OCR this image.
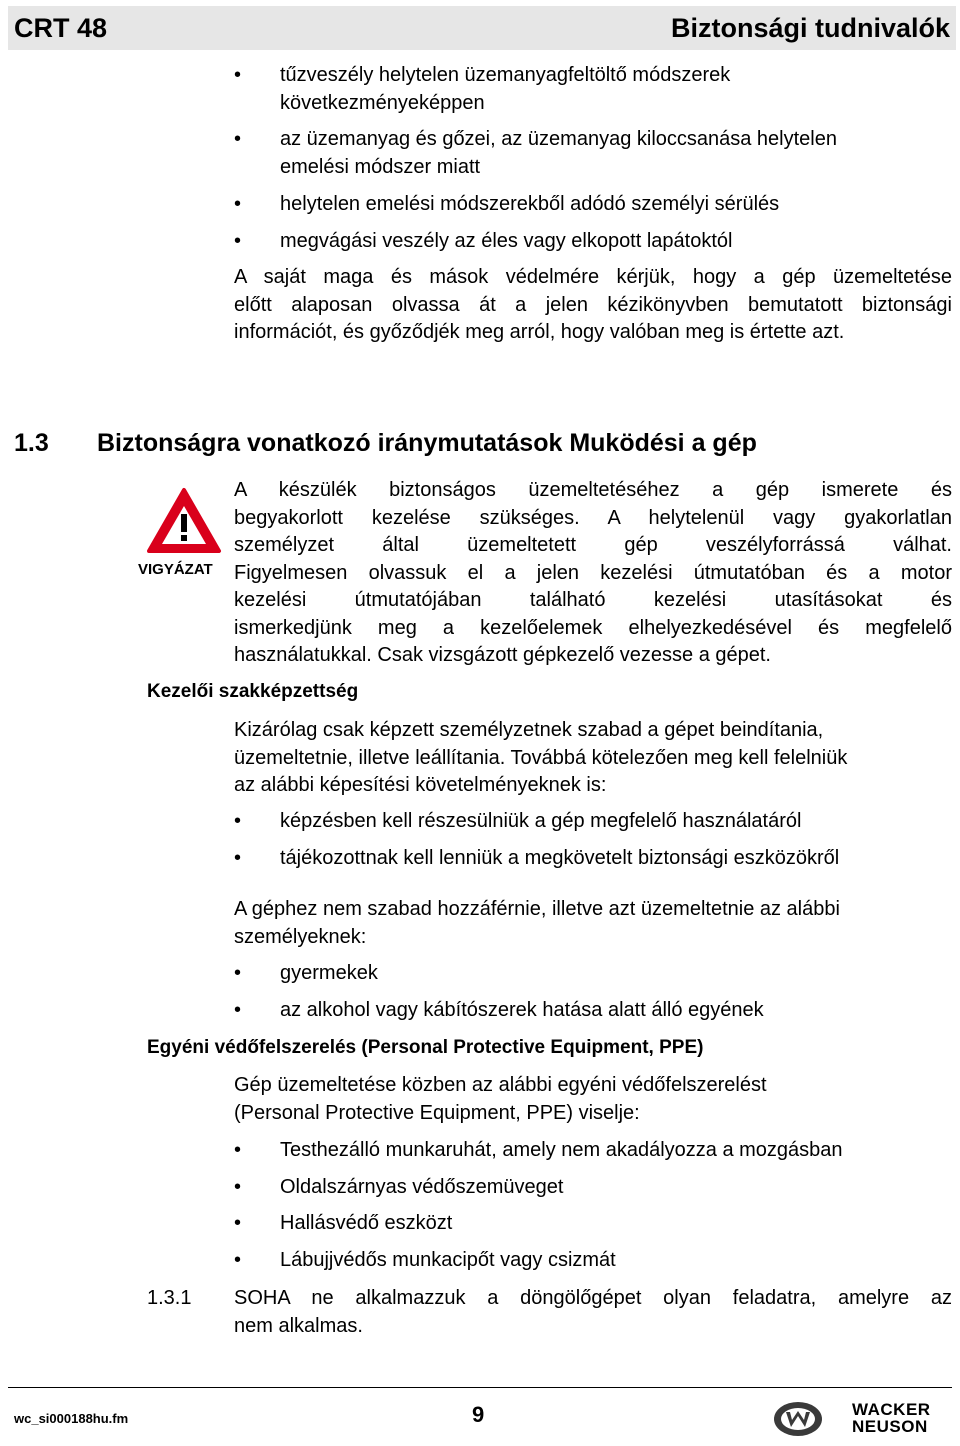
CRT 48	Biztonsági tudnivalók
•	tűzveszély helytelen üzemanyagfeltöltő módszerek
következményeképpen
•	az üzemanyag és gőzei, az üzemanyag kiloccsanása helytelen
emelési módszer miatt
•	helytelen emelési módszerekből adódó személyi sérülés
•	megvágási veszély az éles vagy elkopott lapátoktól
A saját maga és mások védelmére kérjük, hogy a gép üzemeltetése
előtt alaposan olvassa át a jelen kézikönyvben bemutatott biztonsági
információt, és győződjék meg arról, hogy valóban meg is értette azt.
1.3 Biztonságra vonatkozó iránymutatások Muködési a gép
VIGYÁZAT
A készülék biztonságos üzemeltetéséhez a gép ismerete és
begyakorlott kezelése szükséges. A helytelenül vagy gyakorlatlan
személyzet által üzemeltetett gép veszélyforrássá válhat.
Figyelmesen olvassuk el a jelen kezelési útmutatóban és a motor
kezelési útmutatójában található kezelési utasításokat és
ismerkedjünk meg a kezelőelemek elhelyezkedésével és megfelelő
használatukkal. Csak vizsgázott gépkezelő vezesse a gépet.
Kezelői szakképzettség
Kizárólag csak képzett személyzetnek szabad a gépet beindítania,
üzemeltetnie, illetve leállítania. Továbbá kötelezően meg kell felelniük
az alábbi képesítési követelményeknek is:
•	képzésben kell részesülniük a gép megfelelő használatáról
•	tájékozottnak kell lenniük a megkövetelt biztonsági eszközökről
A géphez nem szabad hozzáférnie, illetve azt üzemeltetnie az alábbi
személyeknek:
•	gyermekek
•	az alkohol vagy kábítószerek hatása alatt álló egyének
Egyéni védőfelszerelés (Personal Protective Equipment, PPE)
Gép üzemeltetése közben az alábbi egyéni védőfelszerelést
(Personal Protective Equipment, PPE) viselje:
•	Testhezálló munkaruhát, amely nem akadályozza a mozgásban
•	Oldalszárnyas védőszemüveget
•	Hallásvédő eszközt
•	Lábujjvédős munkacipőt vagy csizmát
1.3.1 SOHA ne alkalmazzuk a döngölőgépet olyan feladatra, amelyre az
nem alkalmas.
wc_si000188hu.fm	9	WACKER
NEUSON
